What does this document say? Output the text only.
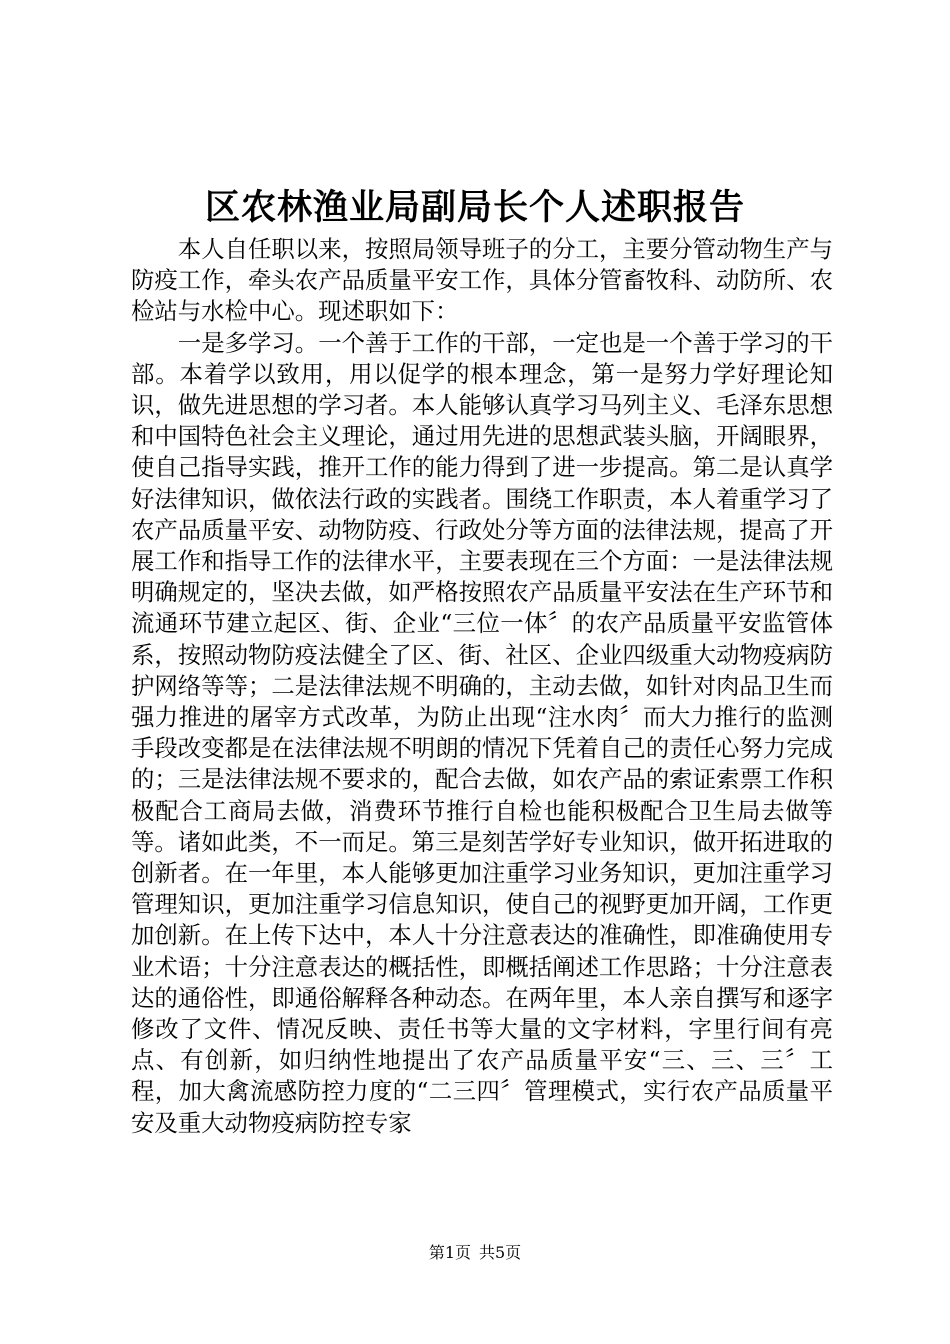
区农林渔业局副局长个人述职报告

本人自任职以来，按照局领导班子的分工，主要分管动物生产与防疫工作，牵头农产品质量平安工作，具体分管畜牧科、动防所、农检站与水检中心。现述职如下：

一是多学习。一个善于工作的干部，一定也是一个善于学习的干部。本着学以致用，用以促学的根本理念，第一是努力学好理论知识，做先进思想的学习者。本人能够认真学习马列主义、毛泽东思想和中国特色社会主义理论，通过用先进的思想武装头脑，开阔眼界，使自己指导实践，推开工作的能力得到了进一步提高。第二是认真学好法律知识，做依法行政的实践者。围绕工作职责，本人着重学习了农产品质量平安、动物防疫、行政处分等方面的法律法规，提高了开展工作和指导工作的法律水平，主要表现在三个方面：一是法律法规明确规定的，坚决去做，如严格按照农产品质量平安法在生产环节和流通环节建立起区、街、企业“三位一体〞的农产品质量平安监管体系，按照动物防疫法健全了区、街、社区、企业四级重大动物疫病防护网络等等；二是法律法规不明确的，主动去做，如针对肉品卫生而强力推进的屠宰方式改革，为防止出现“注水肉〞而大力推行的监测手段改变都是在法律法规不明朗的情况下凭着自己的责任心努力完成的；三是法律法规不要求的，配合去做，如农产品的索证索票工作积极配合工商局去做，消费环节推行自检也能积极配合卫生局去做等等。诸如此类，不一而足。第三是刻苦学好专业知识，做开拓进取的创新者。在一年里，本人能够更加注重学习业务知识，更加注重学习管理知识，更加注重学习信息知识，使自己的视野更加开阔，工作更加创新。在上传下达中，本人十分注意表达的准确性，即准确使用专业术语；十分注意表达的概括性，即概括阐述工作思路；十分注意表达的通俗性，即通俗解释各种动态。在两年里，本人亲自撰写和逐字修改了文件、情况反映、责任书等大量的文字材料，字里行间有亮点、有创新，如归纳性地提出了农产品质量平安“三、三、三〞工程，加大禽流感防控力度的“二三四〞管理模式，实行农产品质量平安及重大动物疫病防控专家

第1页 共5页
